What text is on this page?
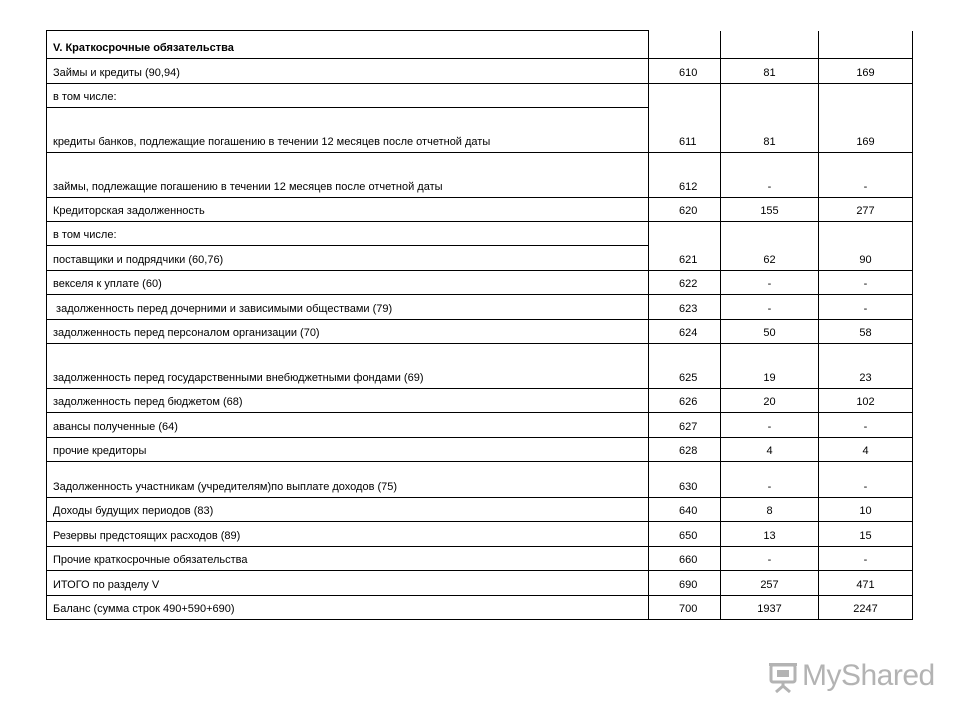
V. Краткосрочные обязательства			
Займы и кредиты (90,94)	610	81	169
в том числе:			
кредиты банков, подлежащие погашению в течении 12 месяцев после отчетной даты	611	81	169
займы, подлежащие погашению в течении 12 месяцев после отчетной даты	612	-	-
Кредиторская задолженность	620	155	277
в том числе:			
поставщики и подрядчики (60,76)	621	62	90
векселя к уплате (60)	622	-	-
задолженность перед дочерними и зависимыми обществами (79)	623	-	-
задолженность перед персоналом организации (70)	624	50	58
задолженность перед государственными внебюджетными фондами (69)	625	19	23
задолженность перед бюджетом (68)	626	20	102
авансы полученные (64)	627	-	-
прочие кредиторы	628	4	4
Задолженность участникам (учредителям)по выплате доходов (75)	630	-	-
Доходы будущих периодов (83)	640	8	10
Резервы предстоящих расходов (89)	650	13	15
Прочие краткосрочные обязательства	660	-	-
ИТОГО по разделу V	690	257	471
Баланс (сумма строк 490+590+690)	700	1937	2247
MyShared
